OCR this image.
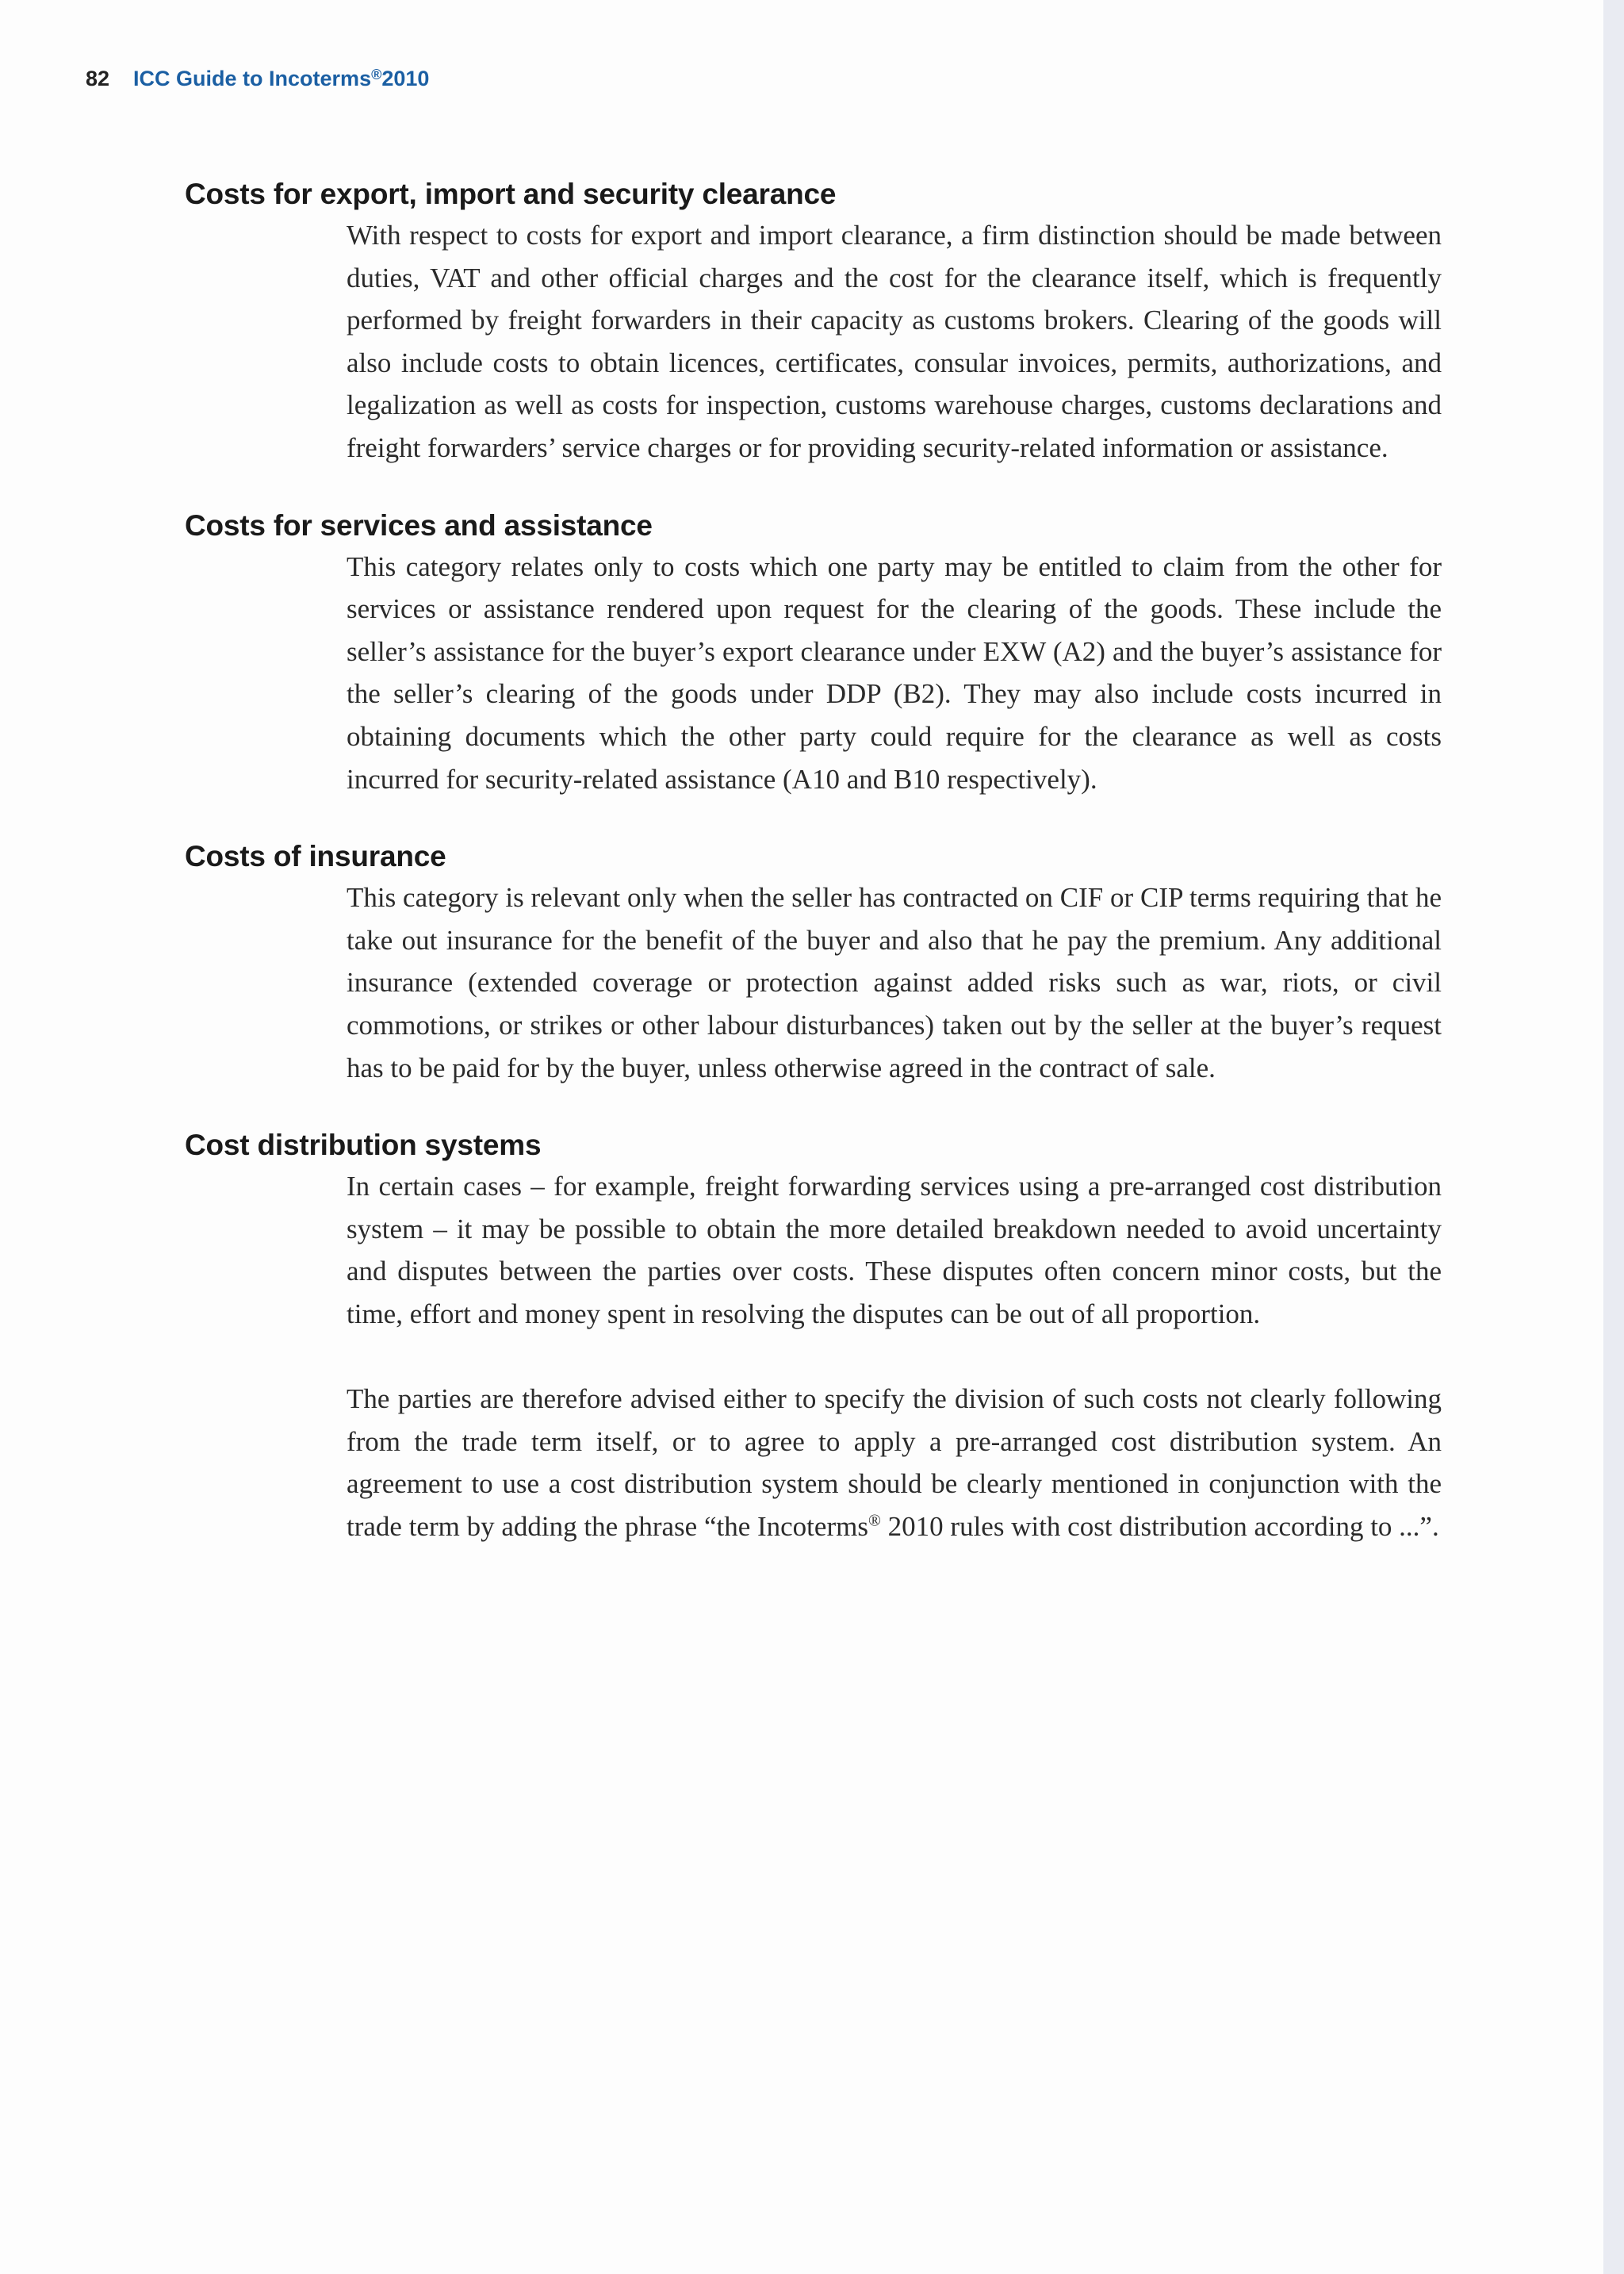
82 ICC Guide to Incoterms®2010
Costs for export, import and security clearance

With respect to costs for export and import clearance, a firm distinction should be made between duties, VAT and other official charges and the cost for the clearance itself, which is frequently performed by freight forwarders in their capacity as customs brokers. Clearing of the goods will also include costs to obtain licences, certificates, consular invoices, permits, authorizations, and legalization as well as costs for inspection, customs warehouse charges, customs declarations and freight forwarders’ service charges or for providing security-related information or assistance.

Costs for services and assistance

This category relates only to costs which one party may be entitled to claim from the other for services or assistance rendered upon request for the clearing of the goods. These include the seller’s assistance for the buyer’s export clearance under EXW (A2) and the buyer’s assistance for the seller’s clearing of the goods under DDP (B2). They may also include costs incurred in obtaining documents which the other party could require for the clearance as well as costs incurred for security-related assistance (A10 and B10 respectively).

Costs of insurance

This category is relevant only when the seller has contracted on CIF or CIP terms requiring that he take out insurance for the benefit of the buyer and also that he pay the premium. Any additional insurance (extended coverage or protection against added risks such as war, riots, or civil commotions, or strikes or other labour disturbances) taken out by the seller at the buyer’s request has to be paid for by the buyer, unless otherwise agreed in the contract of sale.

Cost distribution systems

In certain cases – for example, freight forwarding services using a pre-arranged cost distribution system – it may be possible to obtain the more detailed breakdown needed to avoid uncertainty and disputes between the parties over costs. These disputes often concern minor costs, but the time, effort and money spent in resolving the disputes can be out of all proportion.

The parties are therefore advised either to specify the division of such costs not clearly following from the trade term itself, or to agree to apply a pre-arranged cost distribution system. An agreement to use a cost distribution system should be clearly mentioned in conjunction with the trade term by adding the phrase “the Incoterms® 2010 rules with cost distribution according to ...”.
